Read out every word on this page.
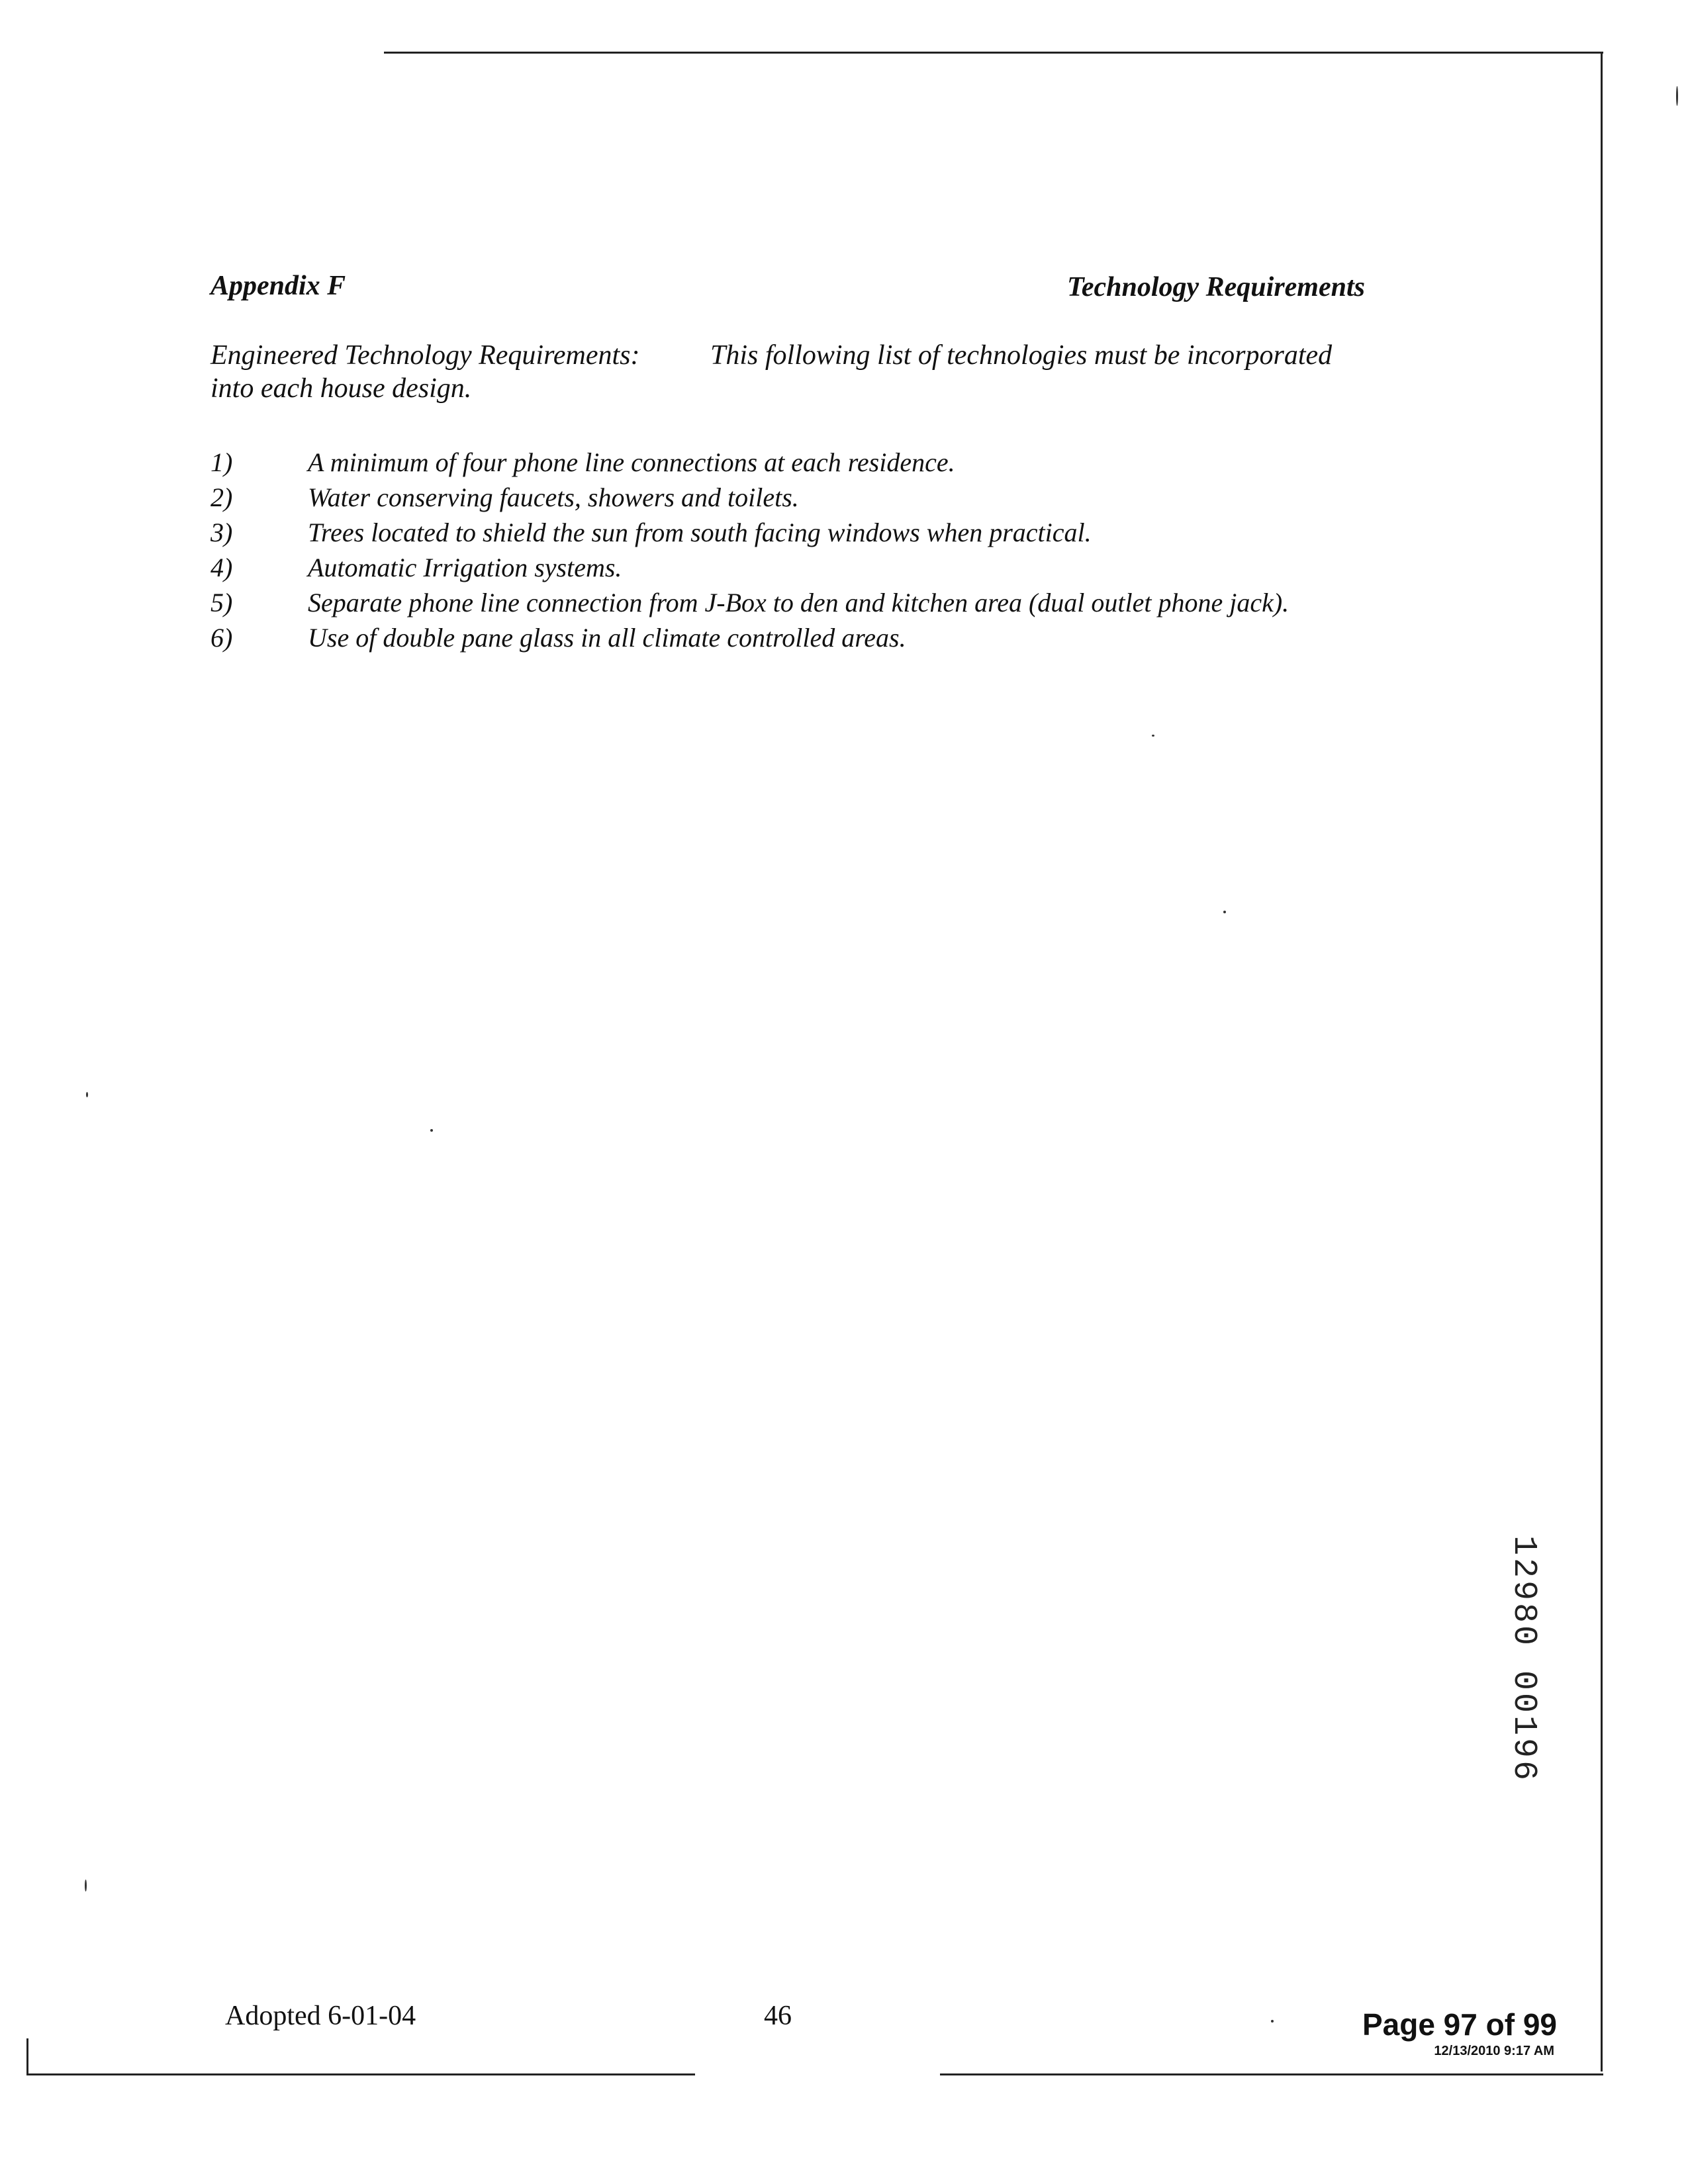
Appendix F	Technology Requirements
Engineered Technology Requirements:	This following list of technologies must be incorporated
into each house design.
1)	A minimum of four phone line connections at each residence.
2)	Water conserving faucets, showers and toilets.
3)	Trees located to shield the sun from south facing windows when practical.
4)	Automatic Irrigation systems.
5)	Separate phone line connection from J-Box to den and kitchen area (dual outlet phone jack).
6)	Use of double pane glass in all climate controlled areas.
12980 00196
Adopted 6-01-04	46	Page 97 of 99
12/13/2010 9:17 AM
